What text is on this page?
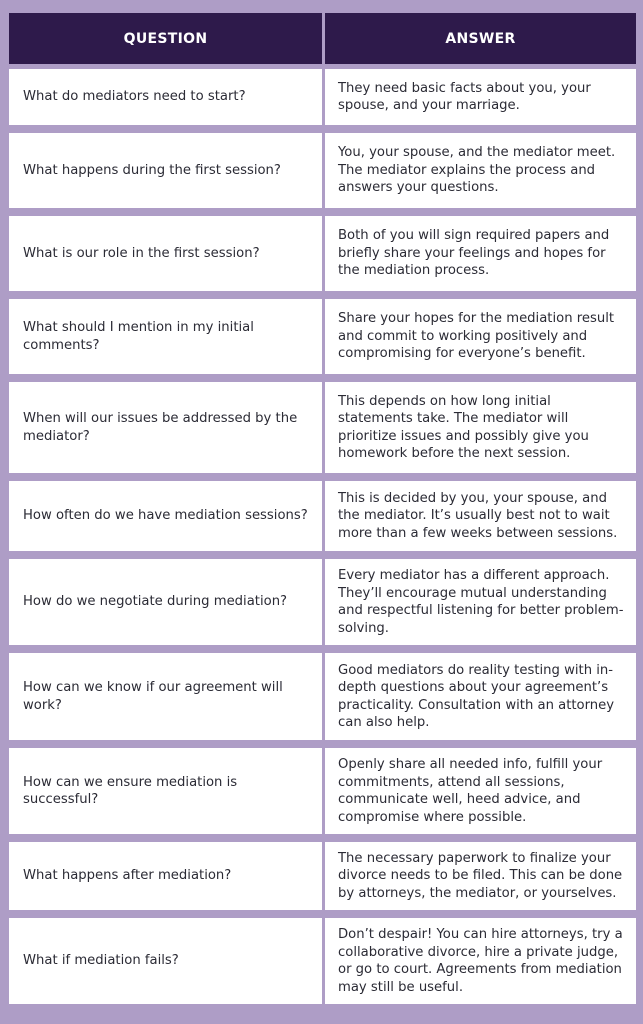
QUESTION	ANSWER
What do mediators need to start?
They need basic facts about you, your spouse, and your marriage.
What happens during the first session?
You, your spouse, and the mediator meet. The mediator explains the process and answers your questions.
What is our role in the first session?
Both of you will sign required papers and briefly share your feelings and hopes for the mediation process.
What should I mention in my initial comments?
Share your hopes for the mediation result and commit to working positively and compromising for everyone’s benefit.
When will our issues be addressed by the mediator?
This depends on how long initial statements take. The mediator will prioritize issues and possibly give you homework before the next session.
How often do we have mediation sessions?
This is decided by you, your spouse, and the mediator. It’s usually best not to wait more than a few weeks between sessions.
How do we negotiate during mediation?
Every mediator has a different approach. They’ll encourage mutual understanding and respectful listening for better problem-solving.
How can we know if our agreement will work?
Good mediators do reality testing with in-depth questions about your agreement’s practicality. Consultation with an attorney can also help.
How can we ensure mediation is successful?
Openly share all needed info, fulfill your commitments, attend all sessions, communicate well, heed advice, and compromise where possible.
What happens after mediation?
The necessary paperwork to finalize your divorce needs to be filed. This can be done by attorneys, the mediator, or yourselves.
What if mediation fails?
Don’t despair! You can hire attorneys, try a collaborative divorce, hire a private judge, or go to court. Agreements from mediation may still be useful.
